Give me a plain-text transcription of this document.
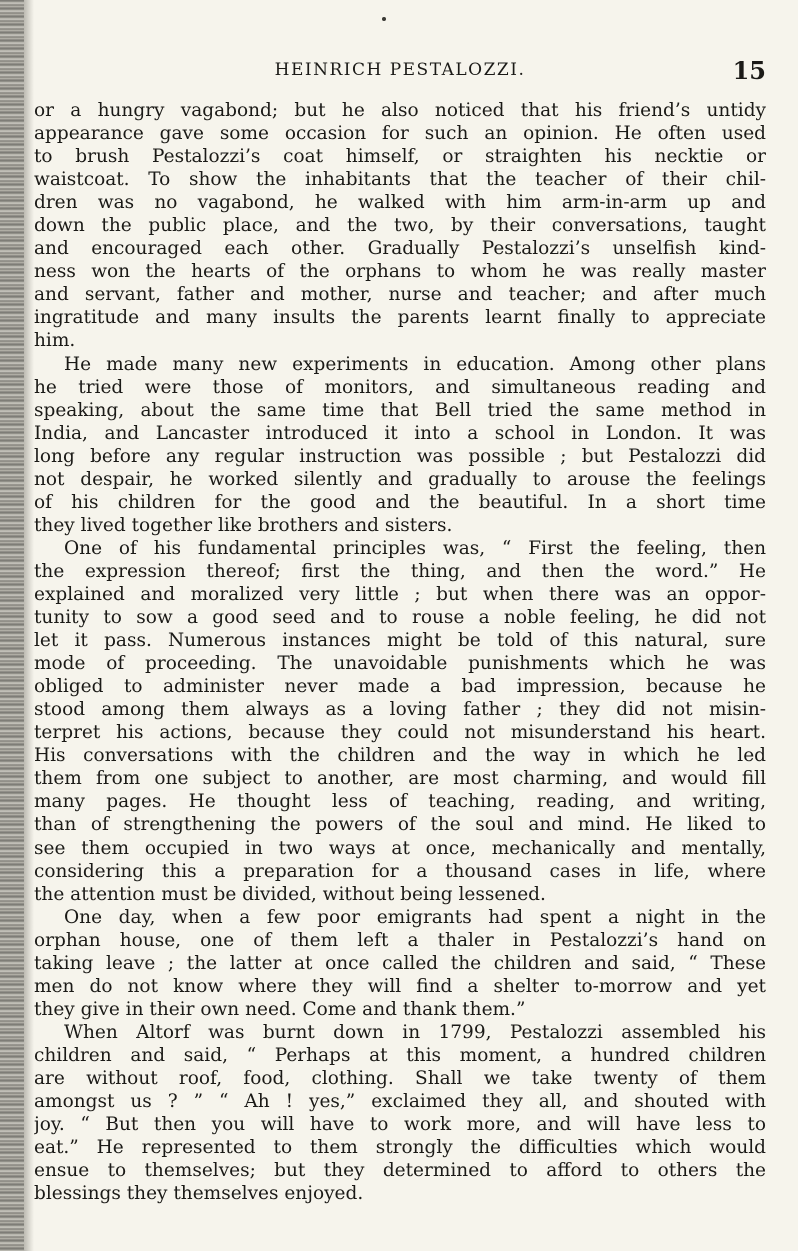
HEINRICH PESTALOZZI.	15
or a hungry vagabond; but he also noticed that his friend’s untidy
appearance gave some occasion for such an opinion. He often used
to brush Pestalozzi’s coat himself, or straighten his necktie or
waistcoat. To show the inhabitants that the teacher of their chil-
dren was no vagabond, he walked with him arm-in-arm up and
down the public place, and the two, by their conversations, taught
and encouraged each other. Gradually Pestalozzi’s unselfish kind-
ness won the hearts of the orphans to whom he was really master
and servant, father and mother, nurse and teacher; and after much
ingratitude and many insults the parents learnt finally to appreciate
him.
He made many new experiments in education. Among other plans
he tried were those of monitors, and simultaneous reading and
speaking, about the same time that Bell tried the same method in
India, and Lancaster introduced it into a school in London. It was
long before any regular instruction was possible ; but Pestalozzi did
not despair, he worked silently and gradually to arouse the feelings
of his children for the good and the beautiful. In a short time
they lived together like brothers and sisters.
One of his fundamental principles was, “ First the feeling, then
the expression thereof; first the thing, and then the word.” He
explained and moralized very little ; but when there was an oppor-
tunity to sow a good seed and to rouse a noble feeling, he did not
let it pass. Numerous instances might be told of this natural, sure
mode of proceeding. The unavoidable punishments which he was
obliged to administer never made a bad impression, because he
stood among them always as a loving father ; they did not misin-
terpret his actions, because they could not misunderstand his heart.
His conversations with the children and the way in which he led
them from one subject to another, are most charming, and would fill
many pages. He thought less of teaching, reading, and writing,
than of strengthening the powers of the soul and mind. He liked to
see them occupied in two ways at once, mechanically and mentally,
considering this a preparation for a thousand cases in life, where
the attention must be divided, without being lessened.
One day, when a few poor emigrants had spent a night in the
orphan house, one of them left a thaler in Pestalozzi’s hand on
taking leave ; the latter at once called the children and said, “ These
men do not know where they will find a shelter to-morrow and yet
they give in their own need. Come and thank them.”
When Altorf was burnt down in 1799, Pestalozzi assembled his
children and said, “ Perhaps at this moment, a hundred children
are without roof, food, clothing. Shall we take twenty of them
amongst us ? ” “ Ah ! yes,” exclaimed they all, and shouted with
joy. “ But then you will have to work more, and will have less to
eat.” He represented to them strongly the difficulties which would
ensue to themselves; but they determined to afford to others the
blessings they themselves enjoyed.
